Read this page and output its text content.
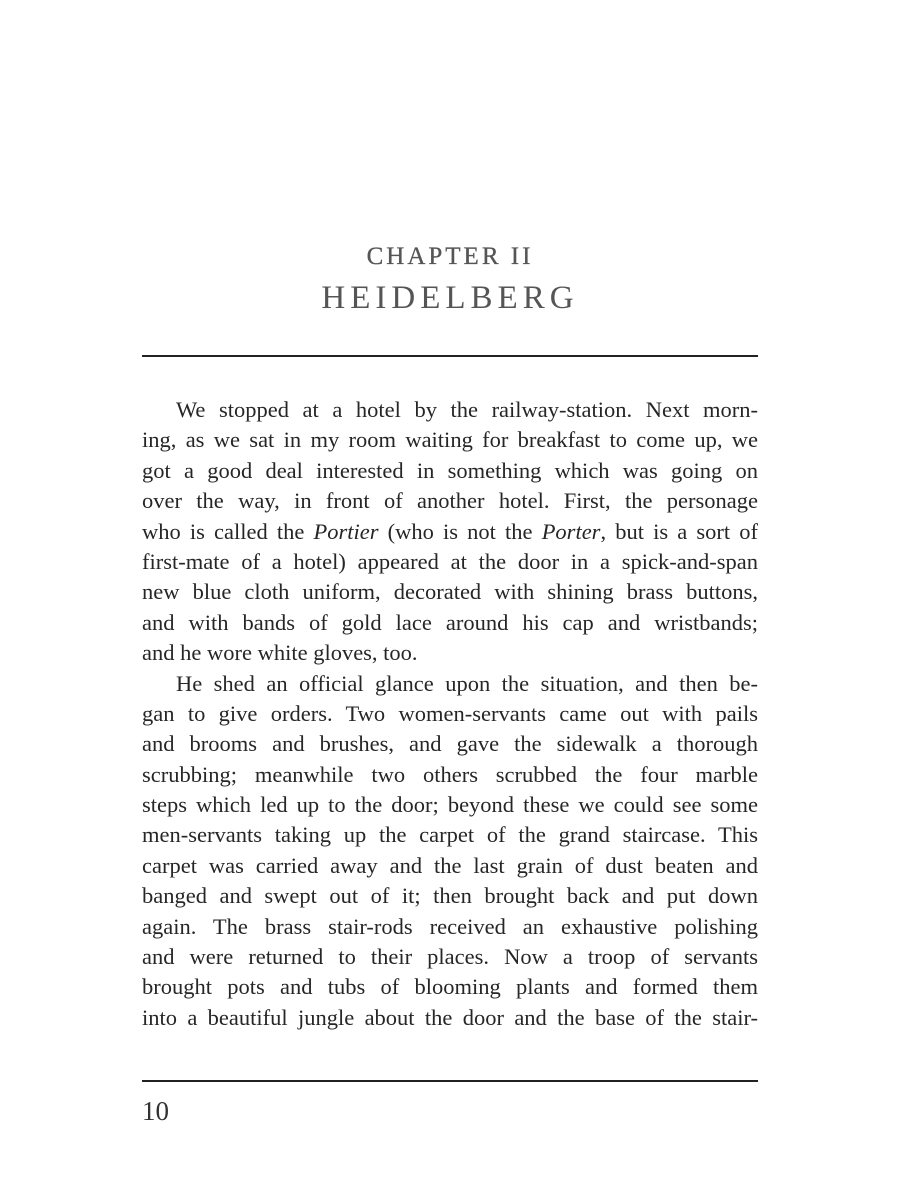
CHAPTER II
HEIDELBERG
We stopped at a hotel by the railway-station. Next morn-
ing, as we sat in my room waiting for breakfast to come up, we
got a good deal interested in something which was going on
over the way, in front of another hotel. First, the personage
who is called the Portier (who is not the Porter, but is a sort of
first-mate of a hotel) appeared at the door in a spick-and-span
new blue cloth uniform, decorated with shining brass buttons,
and with bands of gold lace around his cap and wristbands;
and he wore white gloves, too.
He shed an official glance upon the situation, and then be-
gan to give orders. Two women-servants came out with pails
and brooms and brushes, and gave the sidewalk a thorough
scrubbing; meanwhile two others scrubbed the four marble
steps which led up to the door; beyond these we could see some
men-servants taking up the carpet of the grand staircase. This
carpet was carried away and the last grain of dust beaten and
banged and swept out of it; then brought back and put down
again. The brass stair-rods received an exhaustive polishing
and were returned to their places. Now a troop of servants
brought pots and tubs of blooming plants and formed them
into a beautiful jungle about the door and the base of the stair-
10
